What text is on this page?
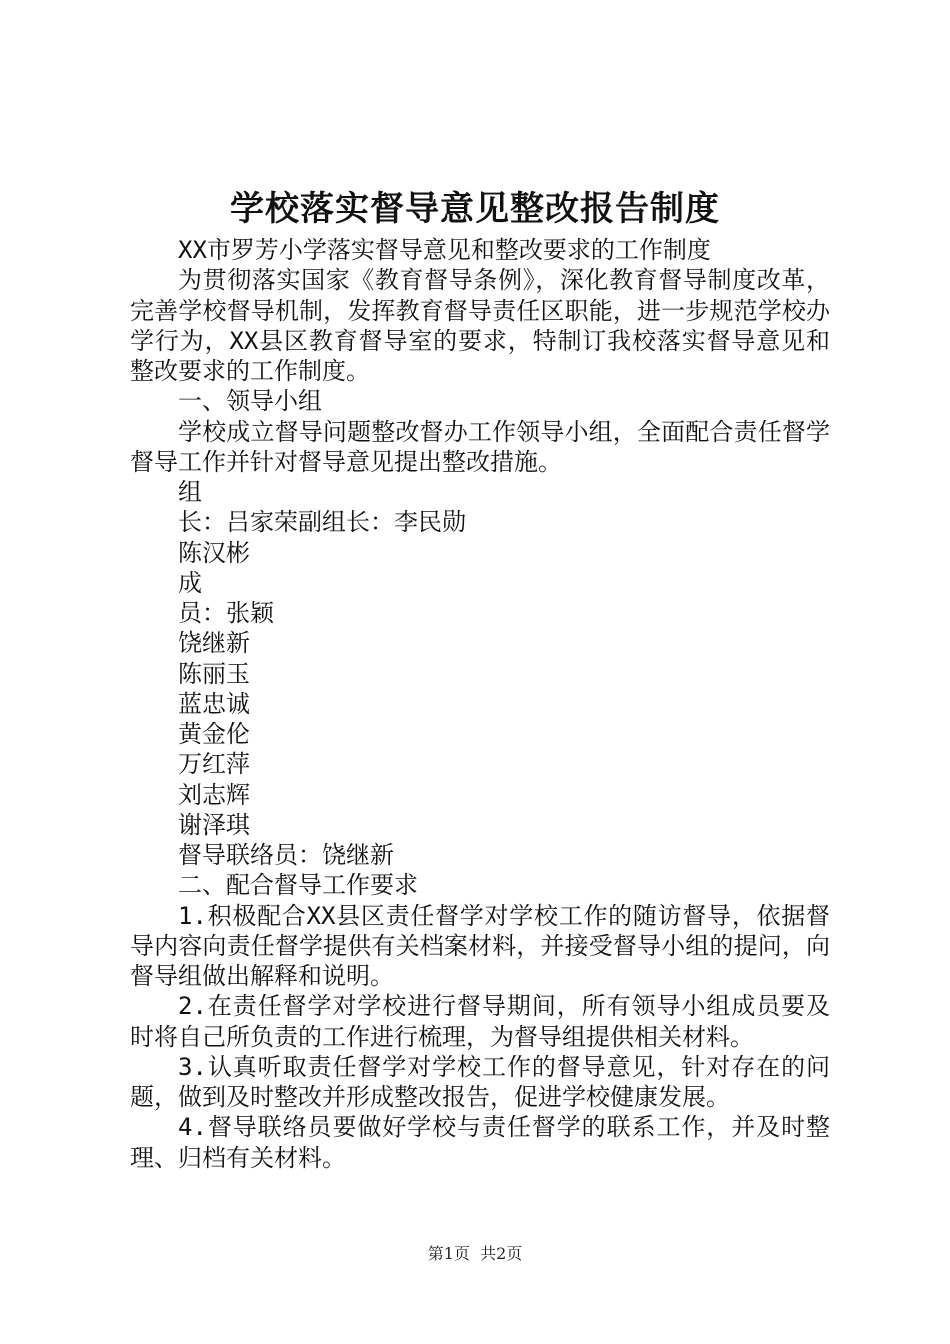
学校落实督导意见整改报告制度

XX市罗芳小学落实督导意见和整改要求的工作制度

为贯彻落实国家《教育督导条例》，深化教育督导制度改革，完善学校督导机制，发挥教育督导责任区职能，进一步规范学校办学行为，XX县区教育督导室的要求，特制订我校落实督导意见和整改要求的工作制度。

一、领导小组

学校成立督导问题整改督办工作领导小组，全面配合责任督学督导工作并针对督导意见提出整改措施。

组

长：吕家荣副组长：李民勋

陈汉彬

成

员：张颖

饶继新

陈丽玉

蓝忠诚

黄金伦

万红萍

刘志辉

谢泽琪

督导联络员：饶继新

二、配合督导工作要求

1.积极配合XX县区责任督学对学校工作的随访督导，依据督导内容向责任督学提供有关档案材料，并接受督导小组的提问，向督导组做出解释和说明。

2.在责任督学对学校进行督导期间，所有领导小组成员要及时将自己所负责的工作进行梳理，为督导组提供相关材料。

3.认真听取责任督学对学校工作的督导意见，针对存在的问题，做到及时整改并形成整改报告，促进学校健康发展。

4.督导联络员要做好学校与责任督学的联系工作，并及时整理、归档有关材料。

第1页 共2页
